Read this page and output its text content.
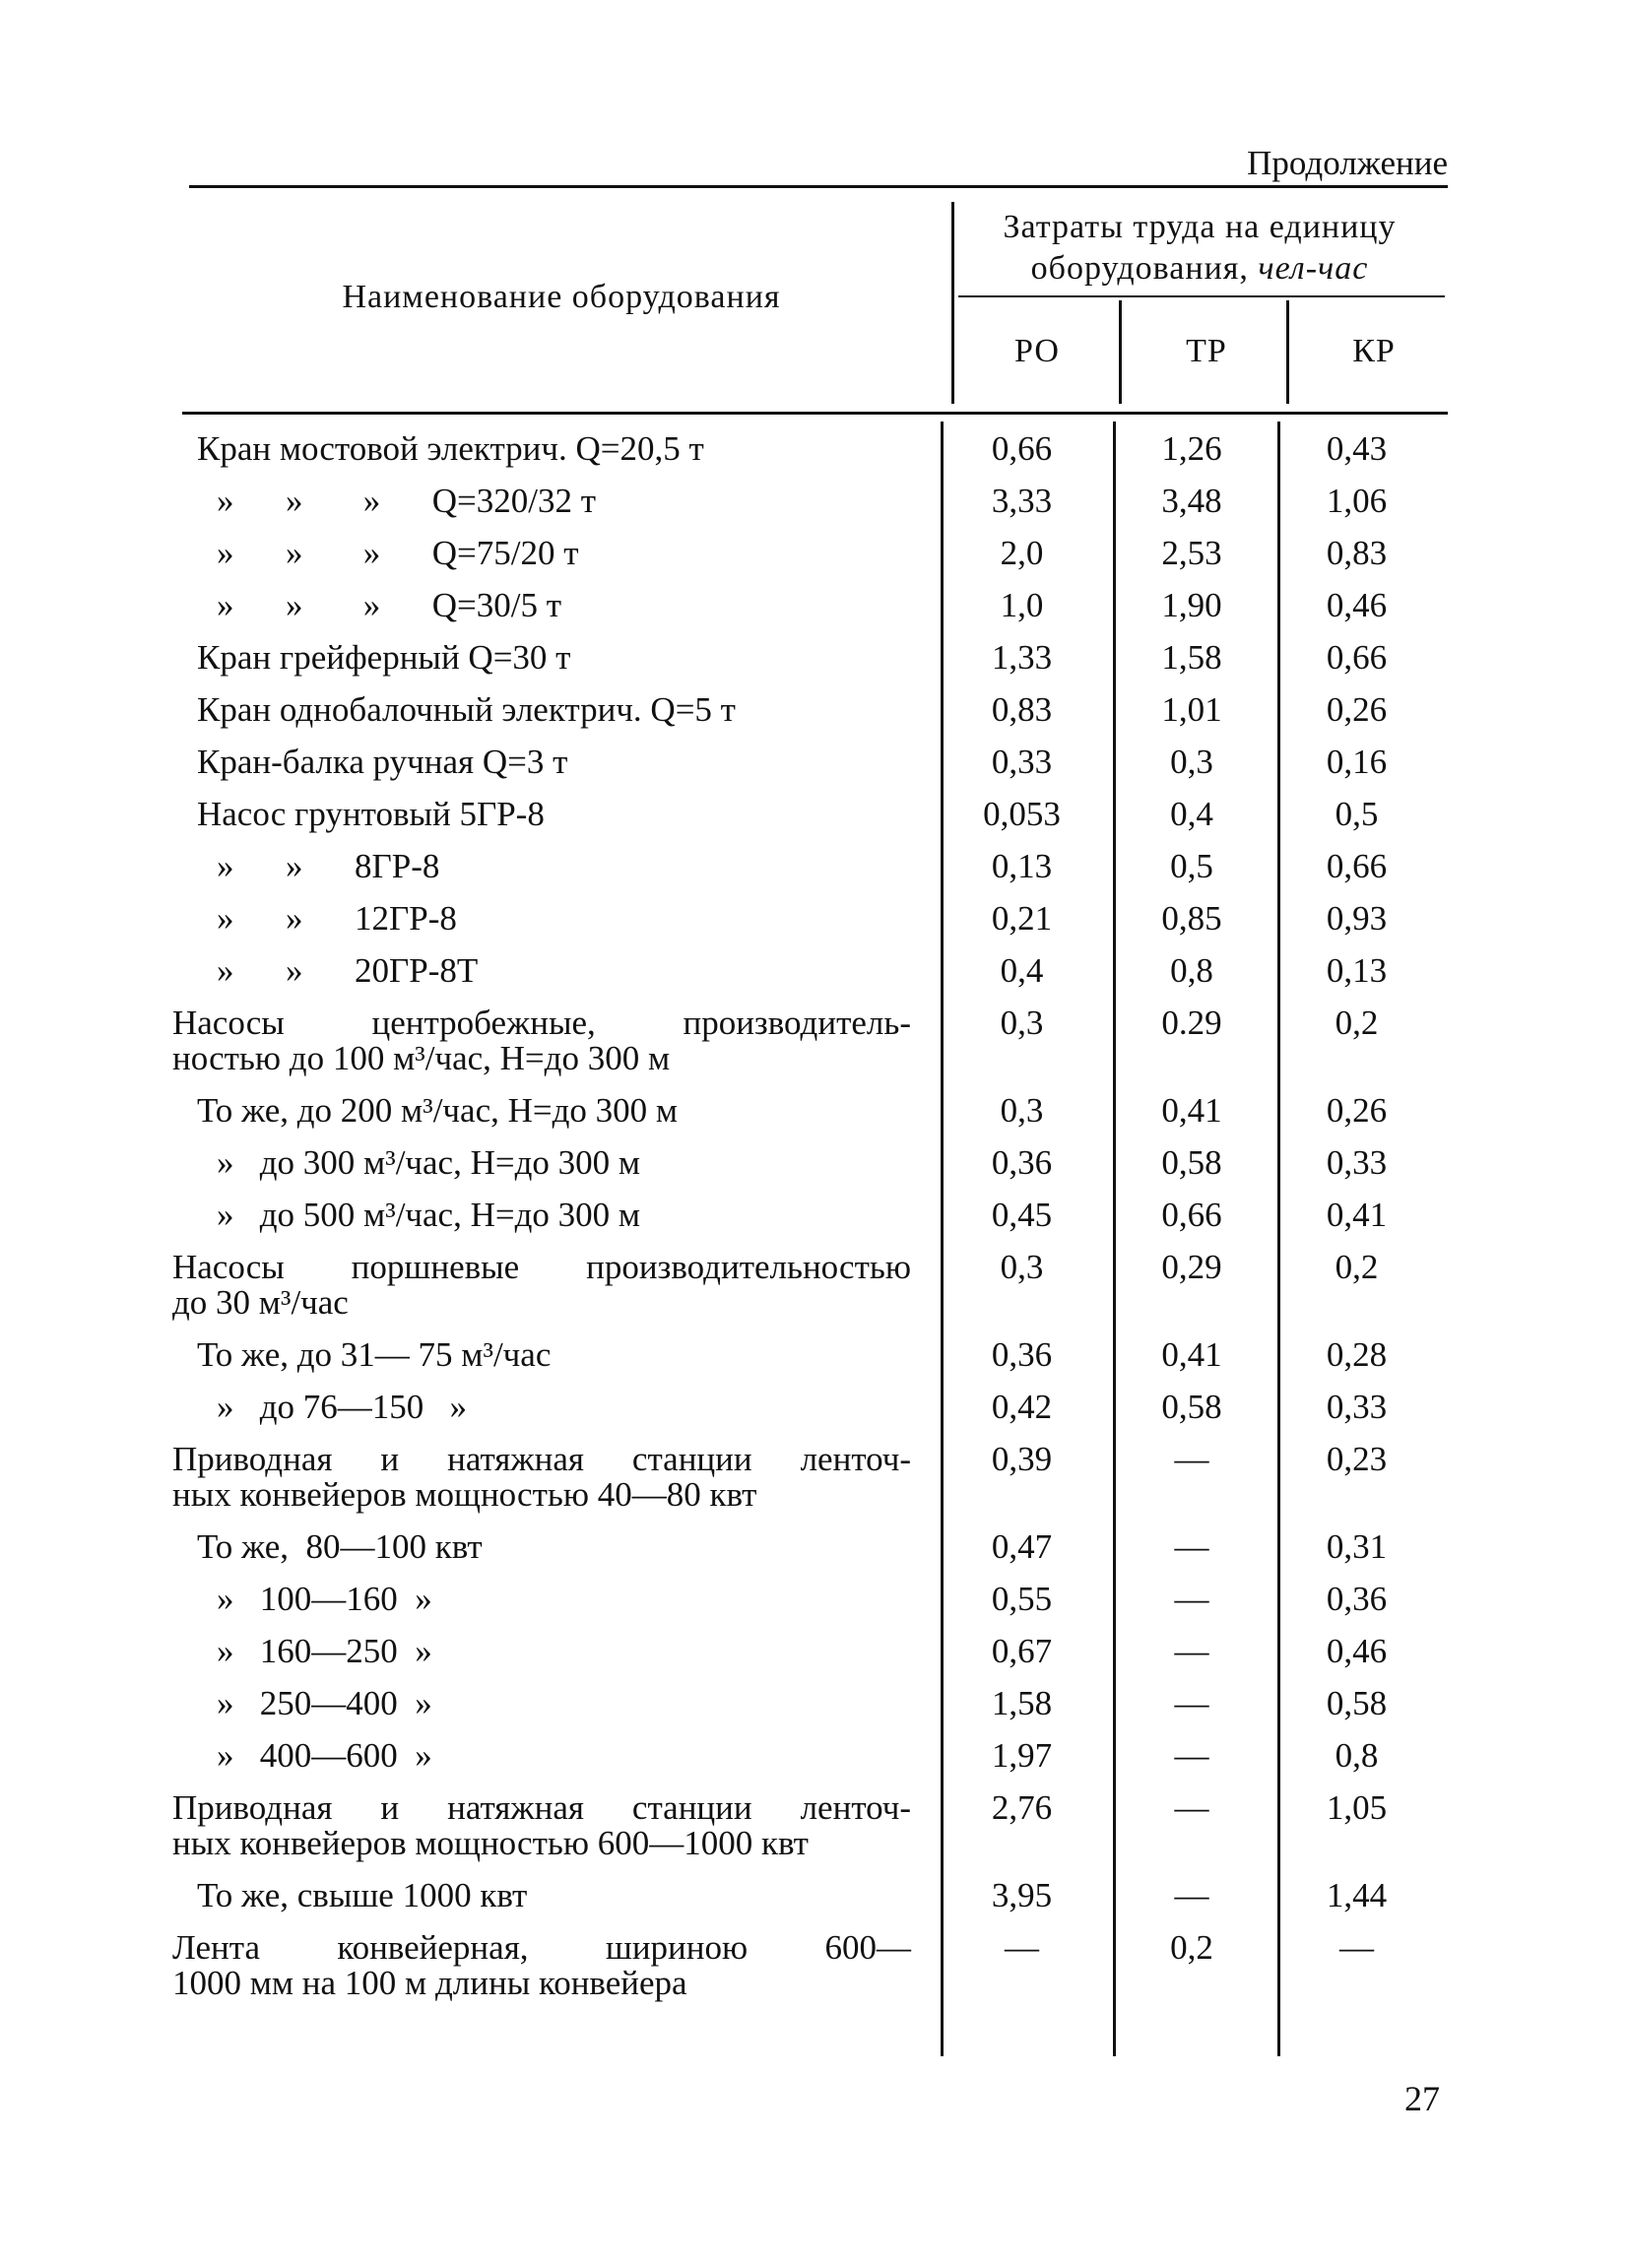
Продолжение
Наименование оборудования
Затраты труда на единицу
оборудования, чел-час
РО	ТР	КР
Кран мостовой электрич. Q=20,5 т	0,66	1,26	0,43

»      »       »      Q=320/32 т	3,33	3,48	1,06

»      »       »      Q=75/20 т	2,0	2,53	0,83

»      »       »      Q=30/5 т	1,0	1,90	0,46

Кран грейферный Q=30 т	1,33	1,58	0,66

Кран однобалочный электрич. Q=5 т	0,83	1,01	0,26

Кран-балка ручная Q=3 т	0,33	0,3	0,16

Насос грунтовый 5ГР-8	0,053	0,4	0,5

»      »      8ГР-8	0,13	0,5	0,66

»      »      12ГР-8	0,21	0,85	0,93

»      »      20ГР-8Т	0,4	0,8	0,13

Насосы центробежные, производитель-
ностью до 100 м³/час, Н=до 300 м	0,3	0.29	0,2

То же, до 200 м³/час, Н=до 300 м	0,3	0,41	0,26

»   до 300 м³/час, Н=до 300 м	0,36	0,58	0,33

»   до 500 м³/час, Н=до 300 м	0,45	0,66	0,41

Насосы поршневые производительностью
до 30 м³/час	0,3	0,29	0,2

То же, до 31— 75 м³/час	0,36	0,41	0,28

»   до 76—150   »	0,42	0,58	0,33

Приводная и натяжная станции ленточ-
ных конвейеров мощностью 40—80 квт	0,39	—	0,23

То же,  80—100 квт	0,47	—	0,31

»   100—160  »	0,55	—	0,36

»   160—250  »	0,67	—	0,46

»   250—400  »	1,58	—	0,58

»   400—600  »	1,97	—	0,8

Приводная и натяжная станции ленточ-
ных конвейеров мощностью 600—1000 квт	2,76	—	1,05

То же, свыше 1000 квт	3,95	—	1,44

Лента конвейерная, шириною 600—
1000 мм на 100 м длины конвейера	—	0,2	—
27
